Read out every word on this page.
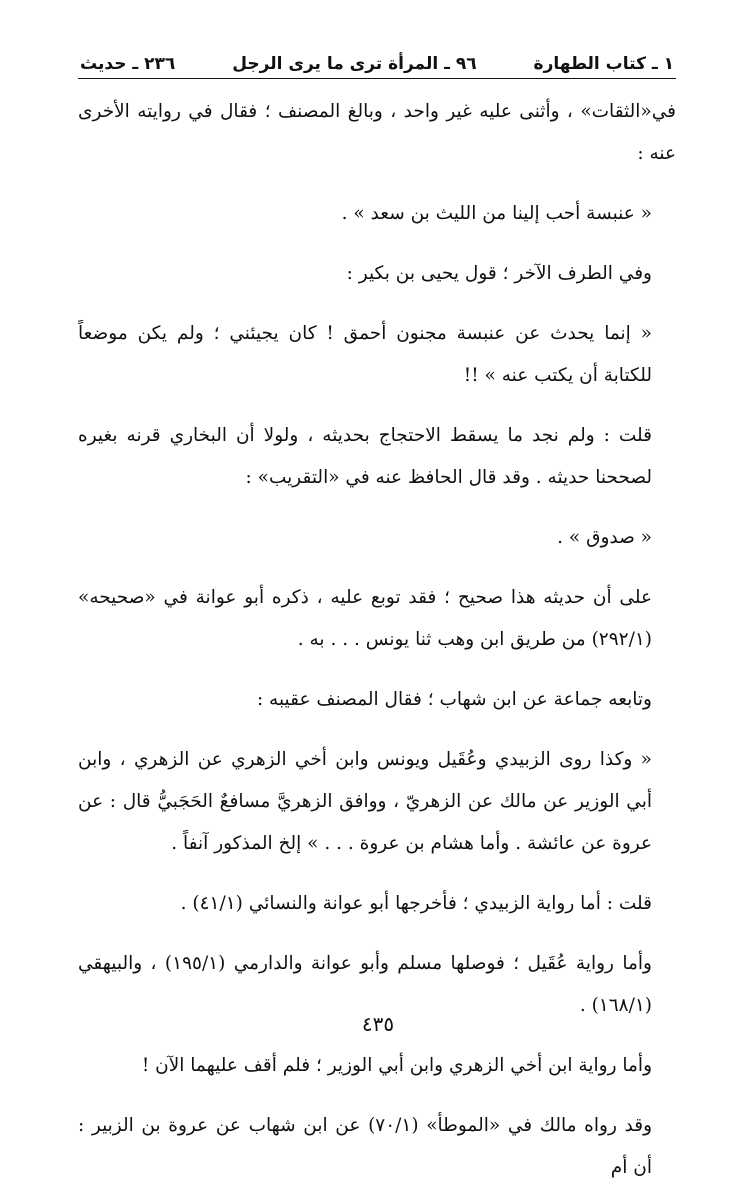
١ ـ كتاب الطهارة
٩٦ ـ المرأة ترى ما يرى الرجل
٢٣٦ ـ حديث

في«الثقات» ، وأثنى عليه غير واحد ، وبالغ المصنف ؛ فقال في روايته الأخرى عنه :

« عنبسة أحب إلينا من الليث بن سعد » .

وفي الطرف الآخر ؛ قول يحيى بن بكير :

« إنما يحدث عن عنبسة مجنون أحمق ! كان يجيئني ؛ ولم يكن موضعاً للكتابة أن يكتب عنه » !!

قلت : ولم نجد ما يسقط الاحتجاج بحديثه ، ولولا أن البخاري قرنه بغيره لصححنا حديثه . وقد قال الحافظ عنه في «التقريب» :

« صدوق » .

على أن حديثه هذا صحيح ؛ فقد توبع عليه ، ذكره أبو عوانة في «صحيحه» (٢٩٢/١) من طريق ابن وهب ثنا يونس . . . به .

وتابعه جماعة عن ابن شهاب ؛ فقال المصنف عقيبه :

« وكذا روى الزبيدي وعُقَيل ويونس وابن أخي الزهري عن الزهري ، وابن أبي الوزير عن مالك عن الزهريّ ، ووافق الزهريَّ مسافعٌ الحَجَبيُّ قال : عن عروة عن عائشة . وأما هشام بن عروة . . . » إلخ المذكور آنفاً .

قلت : أما رواية الزبيدي ؛ فأخرجها أبو عوانة والنسائي (٤١/١) .

وأما رواية عُقَيل ؛ فوصلها مسلم وأبو عوانة والدارمي (١٩٥/١) ، والبيهقي (١٦٨/١) .

وأما رواية ابن أخي الزهري وابن أبي الوزير ؛ فلم أقف عليهما الآن !

وقد رواه مالك في «الموطأ» (٧٠/١) عن ابن شهاب عن عروة بن الزبير : أن أم

٤٣٥
